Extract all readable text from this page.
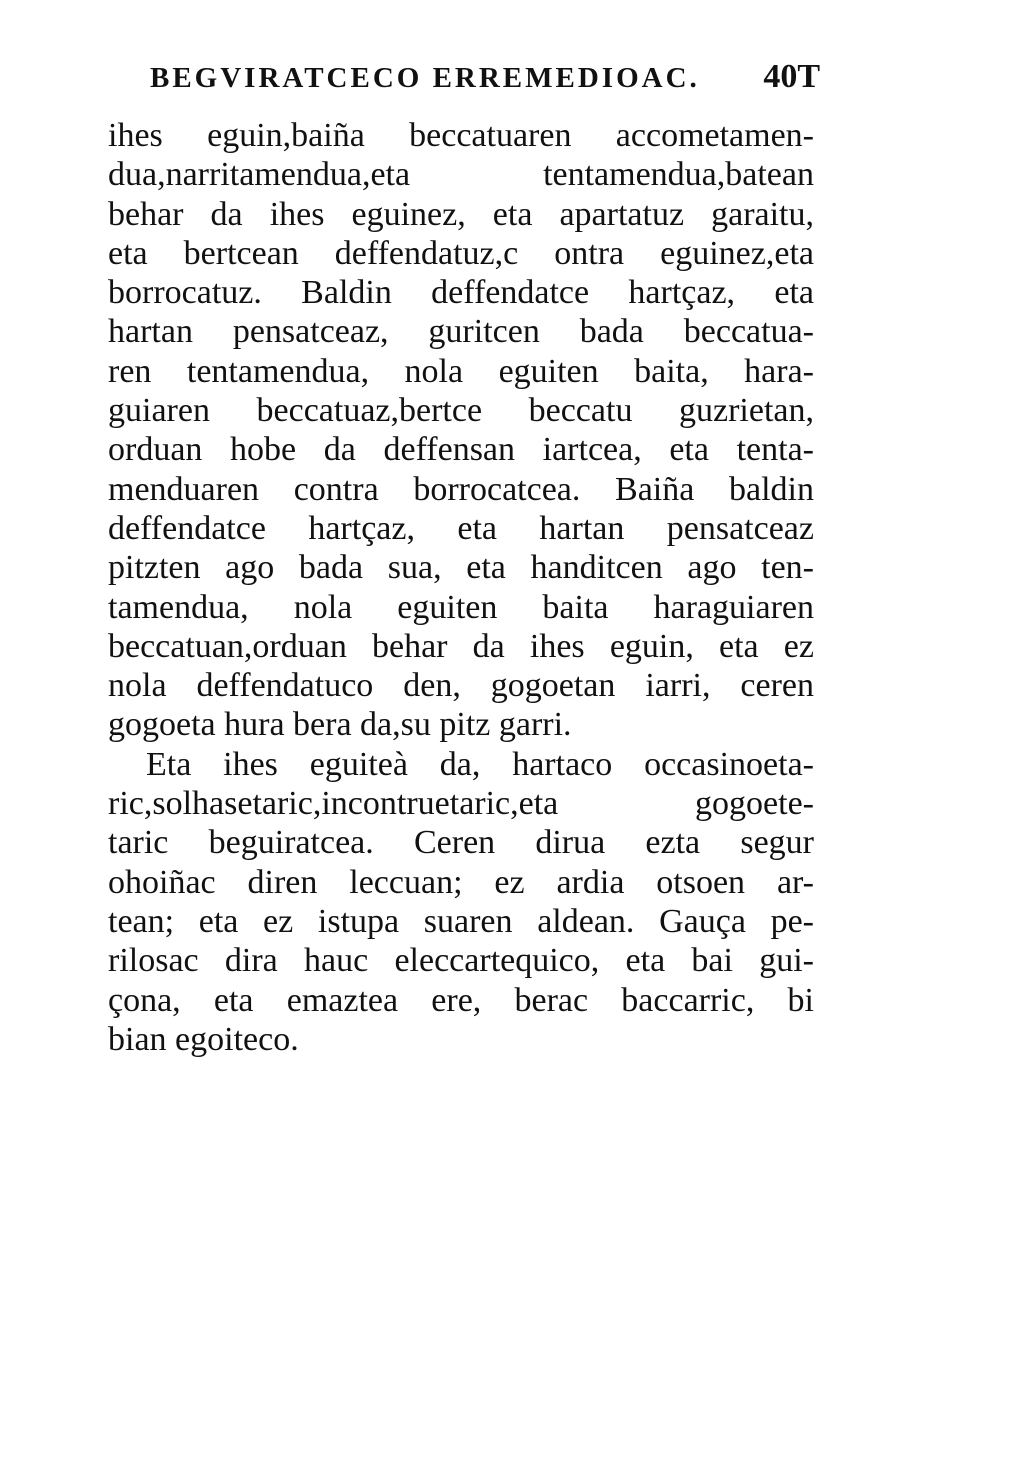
BEGVIRATCECO ERREMEDIOAC. 40T
ihes eguin,baiña beccatuaren accometamen-
dua,narritamendua,eta tentamendua,batean
behar da ihes eguinez, eta apartatuz garaitu,
eta bertcean deffendatuz,c ontra eguinez,eta
borrocatuz. Baldin deffendatce hartçaz, eta
hartan pensatceaz, guritcen bada beccatua-
ren tentamendua, nola eguiten baita, hara-
guiaren beccatuaz,bertce beccatu guzrietan,
orduan hobe da deffensan iartcea, eta tenta-
menduaren contra borrocatcea. Baiña baldin
deffendatce hartçaz, eta hartan pensatceaz
pitzten ago bada sua, eta handitcen ago ten-
tamendua, nola eguiten baita haraguiaren
beccatuan,orduan behar da ihes eguin, eta ez
nola deffendatuco den, gogoetan iarri, ceren
gogoeta hura bera da,su pitz garri.
Eta ihes eguiteà da, hartaco occasinoeta-
ric,solhasetaric,incontruetaric,eta gogoete-
taric beguiratcea. Ceren dirua ezta segur
ohoiñac diren leccuan; ez ardia otsoen ar-
tean; eta ez istupa suaren aldean. Gauça pe-
rilosac dira hauc eleccartequico, eta bai gui-
çona, eta emaztea ere, berac baccarric, bi
bian egoiteco.
